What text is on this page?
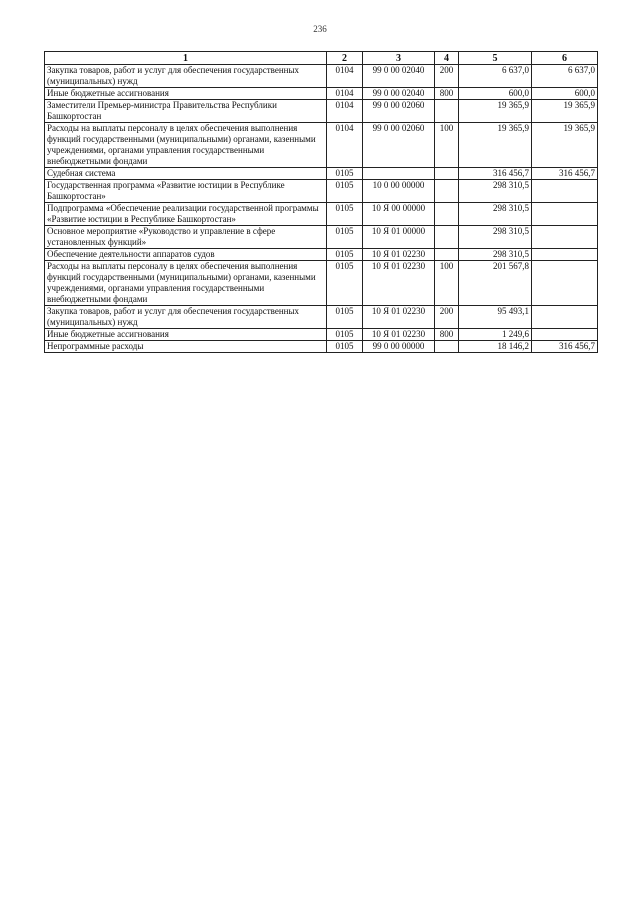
236
1	2	3	4	5	6
Закупка товаров, работ и услуг для обеспечения государственных (муниципальных) нужд	0104	99 0 00 02040	200	6 637,0	6 637,0
Иные бюджетные ассигнования	0104	99 0 00 02040	800	600,0	600,0
Заместители Премьер-министра Правительства Республики Башкортостан	0104	99 0 00 02060		19 365,9	19 365,9
Расходы на выплаты персоналу в целях обеспечения выполнения функций государственными (муниципальными) органами, казенными учреждениями, органами управления государственными внебюджетными фондами	0104	99 0 00 02060	100	19 365,9	19 365,9
Судебная система	0105			316 456,7	316 456,7
Государственная программа «Развитие юстиции в Республике Башкортостан»	0105	10 0 00 00000		298 310,5	
Подпрограмма «Обеспечение реализации государственной программы «Развитие юстиции в Республике Башкортостан»	0105	10 Я 00 00000		298 310,5	
Основное мероприятие «Руководство и управление в сфере установленных функций»	0105	10 Я 01 00000		298 310,5	
Обеспечение деятельности аппаратов судов	0105	10 Я 01 02230		298 310,5	
Расходы на выплаты персоналу в целях обеспечения выполнения функций государственными (муниципальными) органами, казенными учреждениями, органами управления государственными внебюджетными фондами	0105	10 Я 01 02230	100	201 567,8	
Закупка товаров, работ и услуг для обеспечения государственных (муниципальных) нужд	0105	10 Я 01 02230	200	95 493,1	
Иные бюджетные ассигнования	0105	10 Я 01 02230	800	1 249,6	
Непрограммные расходы	0105	99 0 00 00000		18 146,2	316 456,7
